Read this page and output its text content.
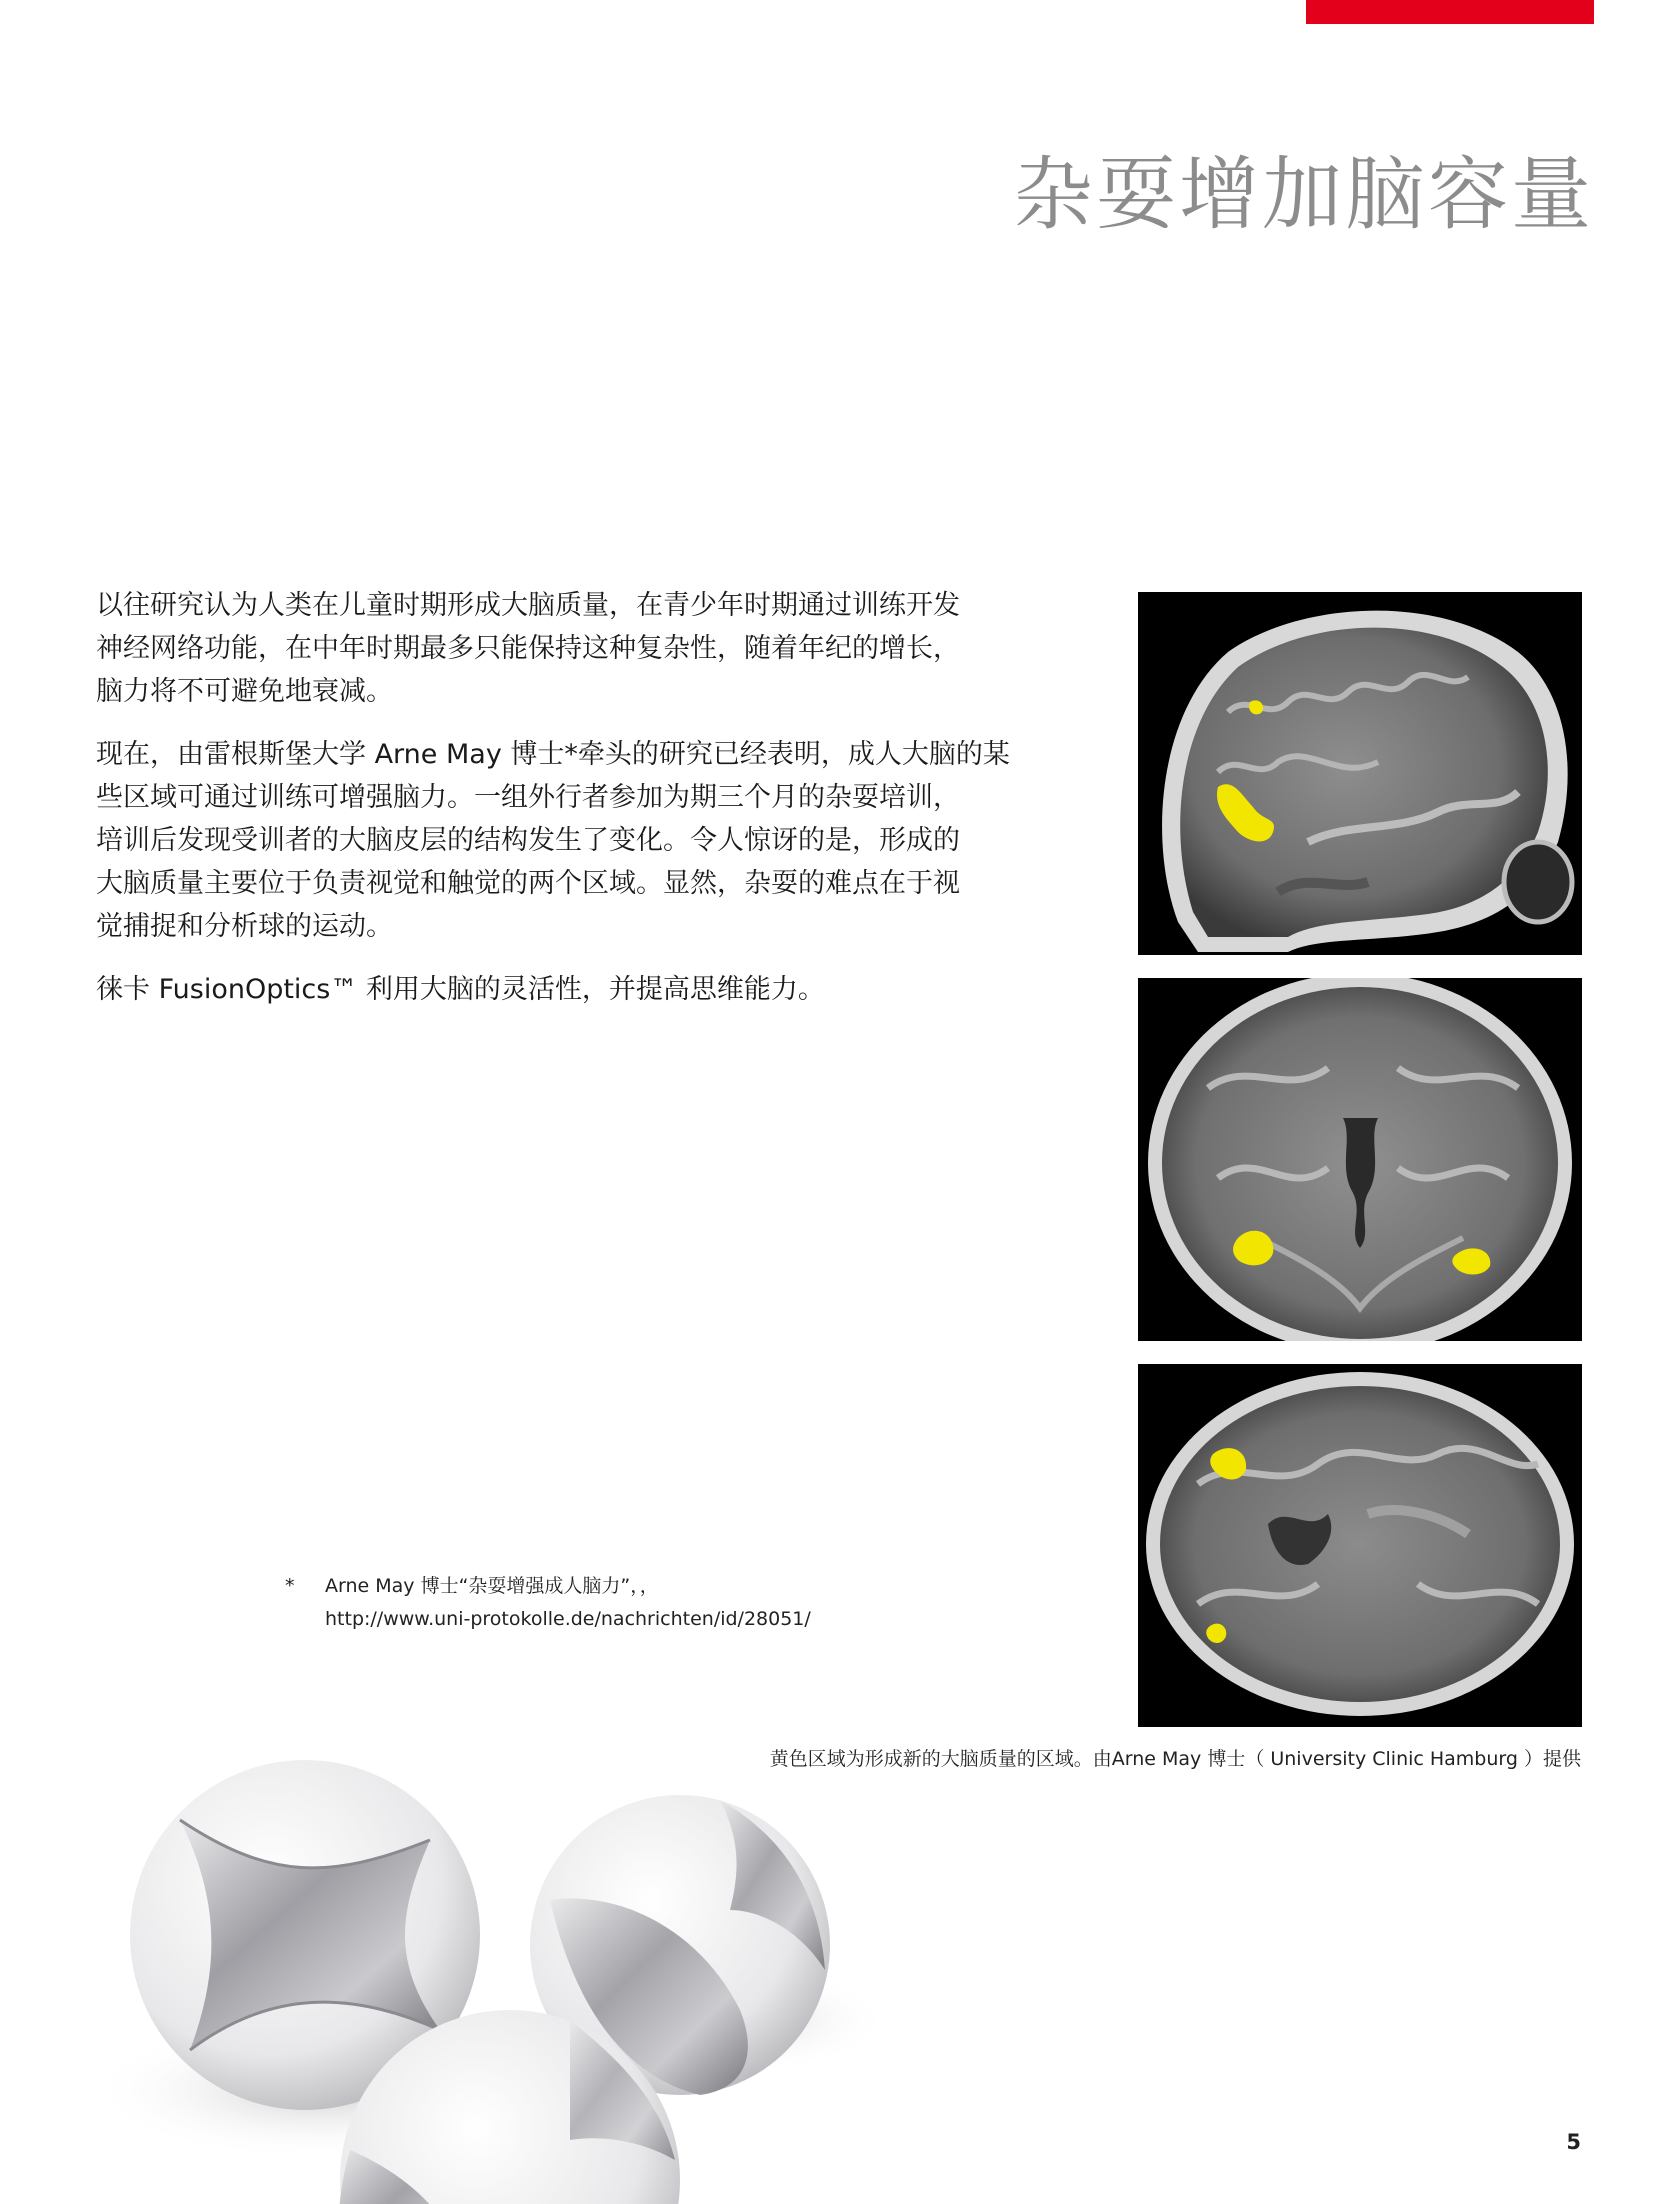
杂耍增加脑容量

以往研究认为人类在儿童时期形成大脑质量，在青少年时期通过训练开发
神经网络功能，在中年时期最多只能保持这种复杂性，随着年纪的增长，
脑力将不可避免地衰减。

现在，由雷根斯堡大学 Arne May 博士*牵头的研究已经表明，成人大脑的某
些区域可通过训练可增强脑力。一组外行者参加为期三个月的杂耍培训，
培训后发现受训者的大脑皮层的结构发生了变化。令人惊讶的是，形成的
大脑质量主要位于负责视觉和触觉的两个区域。显然，杂耍的难点在于视
觉捕捉和分析球的运动。

徕卡 FusionOptics™ 利用大脑的灵活性，并提高思维能力。

黄色区域为形成新的大脑质量的区域。由Arne May 博士（ University Clinic Hamburg ）提供

* Arne May 博士“杂耍增强成人脑力”，，
http://www.uni-protokolle.de/nachrichten/id/28051/

5
